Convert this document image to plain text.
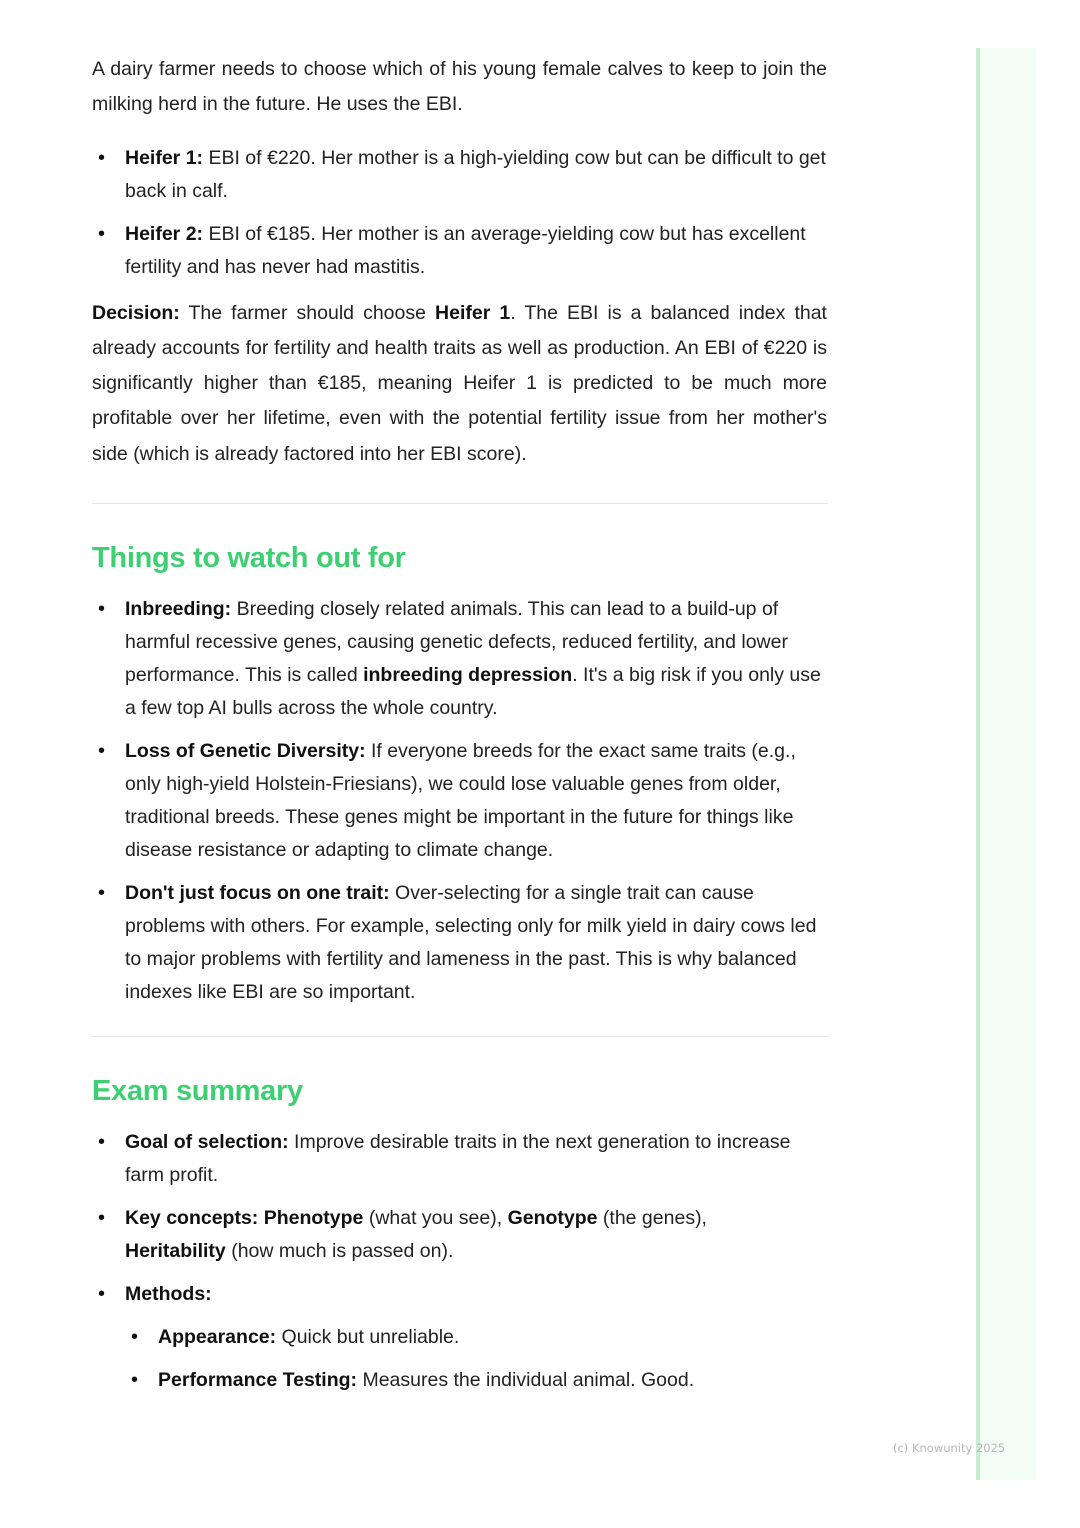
A dairy farmer needs to choose which of his young female calves to keep to join the milking herd in the future. He uses the EBI.

• Heifer 1: EBI of €220. Her mother is a high-yielding cow but can be difficult to get back in calf.
• Heifer 2: EBI of €185. Her mother is an average-yielding cow but has excellent fertility and has never had mastitis.

Decision: The farmer should choose Heifer 1. The EBI is a balanced index that already accounts for fertility and health traits as well as production. An EBI of €220 is significantly higher than €185, meaning Heifer 1 is predicted to be much more profitable over her lifetime, even with the potential fertility issue from her mother's side (which is already factored into her EBI score).

Things to watch out for
• Inbreeding: Breeding closely related animals. This can lead to a build-up of harmful recessive genes, causing genetic defects, reduced fertility, and lower performance. This is called inbreeding depression. It's a big risk if you only use a few top AI bulls across the whole country.
• Loss of Genetic Diversity: If everyone breeds for the exact same traits (e.g., only high-yield Holstein-Friesians), we could lose valuable genes from older, traditional breeds. These genes might be important in the future for things like disease resistance or adapting to climate change.
• Don't just focus on one trait: Over-selecting for a single trait can cause problems with others. For example, selecting only for milk yield in dairy cows led to major problems with fertility and lameness in the past. This is why balanced indexes like EBI are so important.
Exam summary
• Goal of selection: Improve desirable traits in the next generation to increase farm profit.
• Key concepts: Phenotype (what you see), Genotype (the genes),
Heritability (how much is passed on).
• Methods:
• Appearance: Quick but unreliable.
• Performance Testing: Measures the individual animal. Good.
(c) Knowunity 2025
